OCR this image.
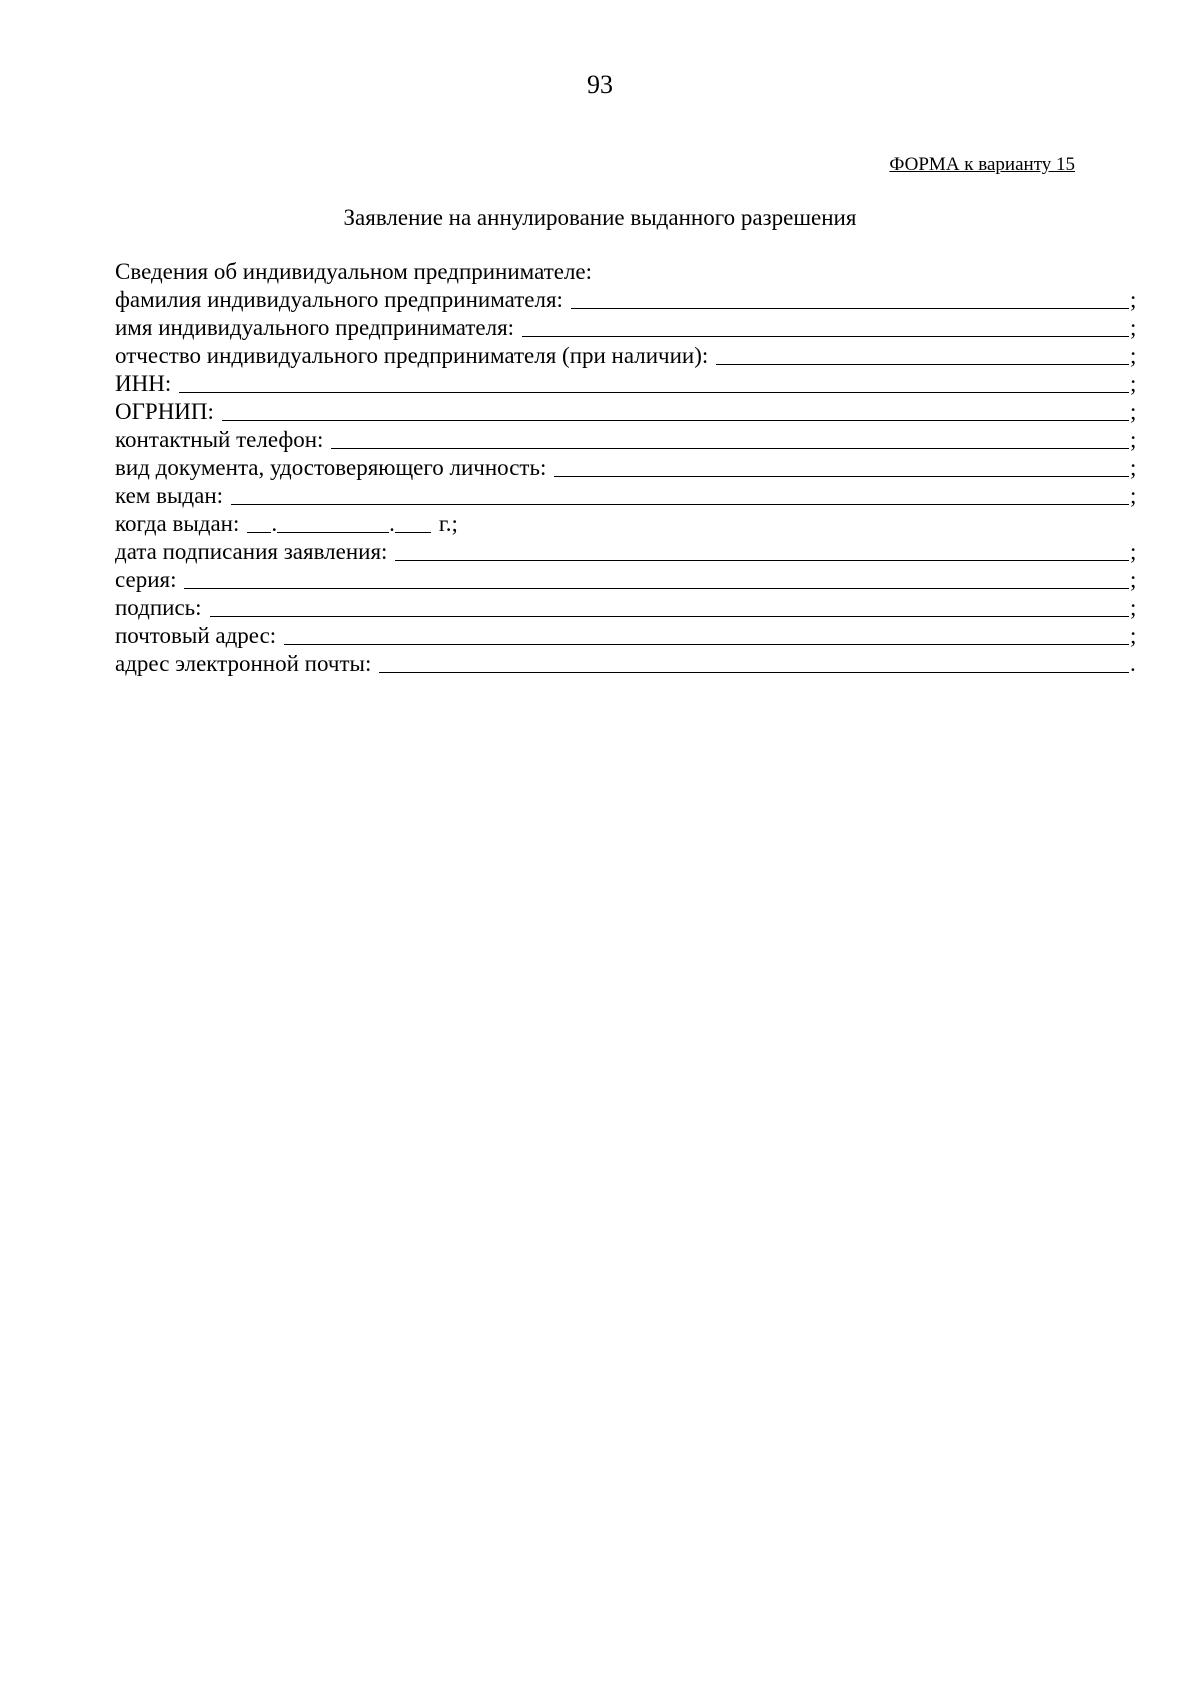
93
ФОРМА к варианту 15
Заявление на аннулирование выданного разрешения
Сведения об индивидуальном предпринимателе:
фамилия индивидуального предпринимателя:	;
имя индивидуального предпринимателя:	;
отчество индивидуального предпринимателя (при наличии):	;
ИНН:	;
ОГРНИП:	;
контактный телефон:	;
вид документа, удостоверяющего личность:	;
кем выдан:	;
когда выдан: .	. г.;
дата подписания заявления:	;
серия:	;
подпись:	;
почтовый адрес:	;
адрес электронной почты:	.
